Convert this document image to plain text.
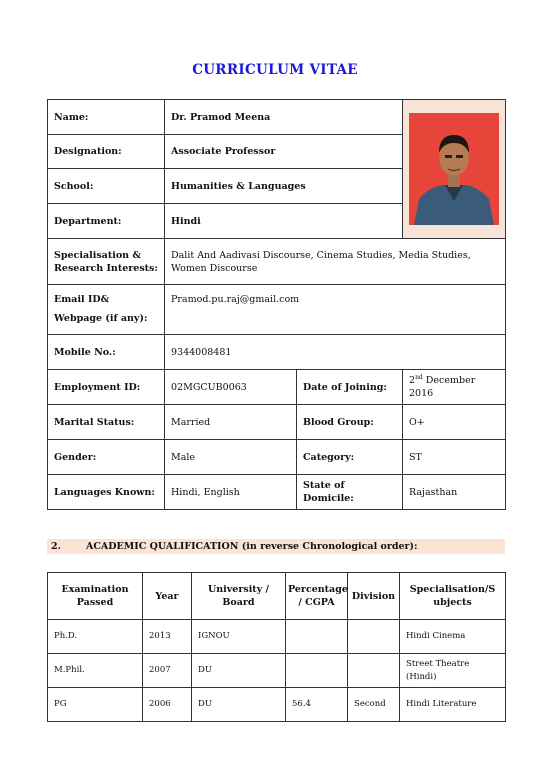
CURRICULUM VITAE
Name:	Dr. Pramod Meena	

Designation:	Associate Professor		
School:	Humanities & Languages		
Department:	Hindi		

Specialisation &
Research Interests:	Dalit And Aadivasi Discourse, Cinema Studies, Media Studies, Women Discourse		

Email ID&
Webpage (if any):	Pramod.pu.raj@gmail.com		
Mobile No.:	9344008481		
Employment ID:	02MGCUB0063	Date of Joining:	2nd December 2016
Marital Status:	Married	Blood Group:	O+
Gender:	Male	Category:	ST
Languages Known:	Hindi, English	State of Domicile:	Rajasthan
2.	ACADEMIC QUALIFICATION (in reverse Chronological order):
Examination Passed	Year	University / Board	Percentage / CGPA	Division	Specialisation/S ubjects
Ph.D.	2013	IGNOU			Hindi Cinema
M.Phil.	2007	DU			Street Theatre (Hindi)
PG	2006	DU	56.4	Second	Hindi Literature
